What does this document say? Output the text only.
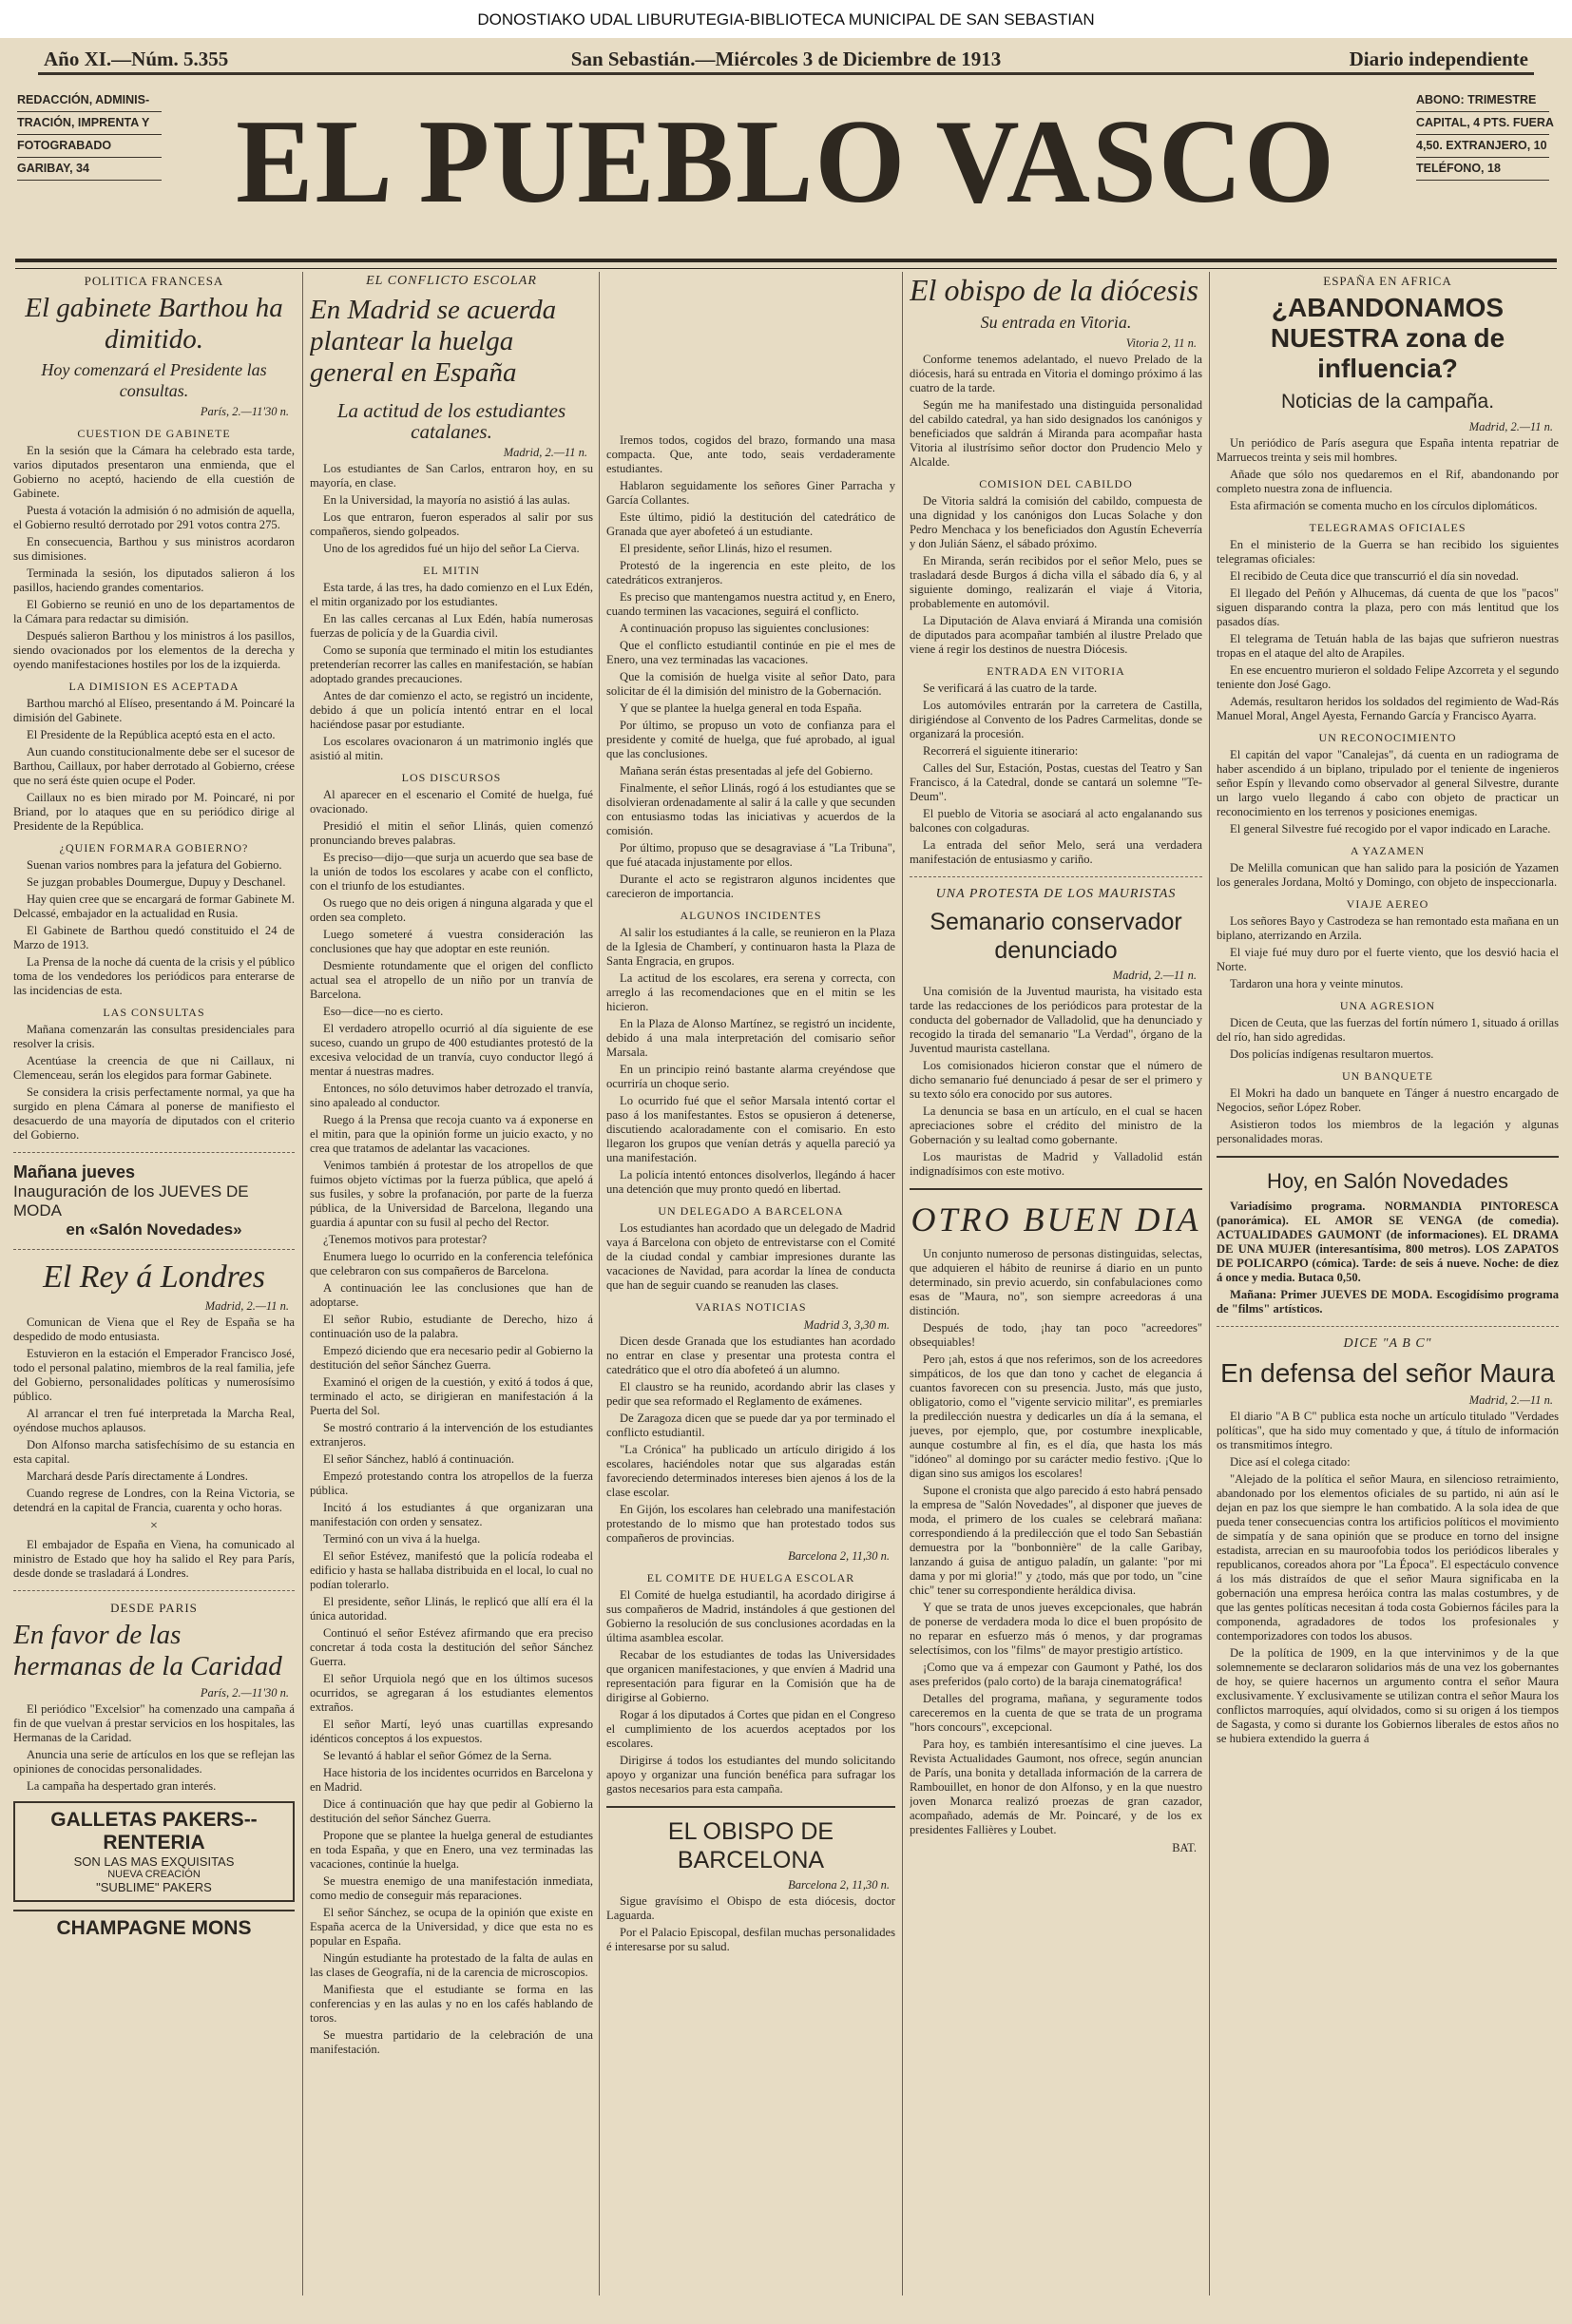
DONOSTIAKO UDAL LIBURUTEGIA-BIBLIOTECA MUNICIPAL DE SAN SEBASTIAN
Año XI.—Núm. 5.355	San Sebastián.—Miércoles 3 de Diciembre de 1913	Diario independiente
REDACCIÓN, ADMINIS-
TRACIÓN, IMPRENTA Y
FOTOGRABADO
GARIBAY, 34	EL PUEBLO VASCO	ABONO: TRIMESTRE
CAPITAL, 4 PTS. FUERA
4,50. EXTRANJERO, 10
TELÉFONO, 18
POLITICA FRANCESA
El gabinete Barthou ha dimitido.
Hoy comenzará el Presidente las consultas.
París, 2.—11'30 n.
CUESTION DE GABINETE

En la sesión que la Cámara ha celebrado esta tarde, varios diputados presentaron una enmienda, que el Gobierno no aceptó, haciendo de ella cuestión de Gabinete.

Puesta á votación la admisión ó no admisión de aquella, el Gobierno resultó derrotado por 291 votos contra 275.

En consecuencia, Barthou y sus ministros acordaron sus dimisiones.

Terminada la sesión, los diputados salieron á los pasillos, haciendo grandes comentarios.

El Gobierno se reunió en uno de los departamentos de la Cámara para redactar su dimisión.

Después salieron Barthou y los ministros á los pasillos, siendo ovacionados por los elementos de la derecha y oyendo manifestaciones hostiles por los de la izquierda.

LA DIMISION ES ACEPTADA

Barthou marchó al Elíseo, presentando á M. Poincaré la dimisión del Gabinete.

El Presidente de la República aceptó esta en el acto.

Aun cuando constitucionalmente debe ser el sucesor de Barthou, Caillaux, por haber derrotado al Gobierno, créese que no será éste quien ocupe el Poder.

Caillaux no es bien mirado por M. Poincaré, ni por Briand, por lo ataques que en su periódico dirige al Presidente de la República.

¿QUIEN FORMARA GOBIERNO?

Suenan varios nombres para la jefatura del Gobierno.

Se juzgan probables Doumergue, Dupuy y Deschanel.

Hay quien cree que se encargará de formar Gabinete M. Delcassé, embajador en la actualidad en Rusia.

El Gabinete de Barthou quedó constituido el 24 de Marzo de 1913.

La Prensa de la noche dá cuenta de la crisis y el público toma de los vendedores los periódicos para enterarse de las incidencias de esta.

LAS CONSULTAS

Mañana comenzarán las consultas presidenciales para resolver la crisis.

Acentúase la creencia de que ni Caillaux, ni Clemenceau, serán los elegidos para formar Gabinete.

Se considera la crisis perfectamente normal, ya que ha surgido en plena Cámara al ponerse de manifiesto el desacuerdo de una mayoría de diputados con el criterio del Gobierno.

Mañana jueves
Inauguración de los JUEVES DE MODA
en «Salón Novedades»
El Rey á Londres
Madrid, 2.—11 n.

Comunican de Viena que el Rey de España se ha despedido de modo entusiasta.

Estuvieron en la estación el Emperador Francisco José, todo el personal palatino, miembros de la real familia, jefe del Gobierno, personalidades políticas y numerosísimo público.

Al arrancar el tren fué interpretada la Marcha Real, oyéndose muchos aplausos.

Don Alfonso marcha satisfechísimo de su estancia en esta capital.

Marchará desde París directamente á Londres.

Cuando regrese de Londres, con la Reina Victoria, se detendrá en la capital de Francia, cuarenta y ocho horas.

×

El embajador de España en Viena, ha comunicado al ministro de Estado que hoy ha salido el Rey para París, desde donde se trasladará á Londres.

DESDE PARIS
En favor de las hermanas de la Caridad
París, 2.—11'30 n.

El periódico "Excelsior" ha comenzado una campaña á fin de que vuelvan á prestar servicios en los hospitales, las Hermanas de la Caridad.

Anuncia una serie de artículos en los que se reflejan las opiniones de conocidas personalidades.

La campaña ha despertado gran interés.

GALLETAS PAKERS-- RENTERIA
SON LAS MAS EXQUISITAS
NUEVA CREACIÓN
"SUBLIME" PAKERS
CHAMPAGNE MONS
EL CONFLICTO ESCOLAR
En Madrid se acuerda plantear la huelga general en España
La actitud de los estudiantes catalanes.
Madrid, 2.—11 n.

Los estudiantes de San Carlos, entraron hoy, en su mayoría, en clase.

En la Universidad, la mayoría no asistió á las aulas.

Los que entraron, fueron esperados al salir por sus compañeros, siendo golpeados.

Uno de los agredidos fué un hijo del señor La Cierva.

EL MITIN

Esta tarde, á las tres, ha dado comienzo en el Lux Edén, el mitin organizado por los estudiantes.

En las calles cercanas al Lux Edén, había numerosas fuerzas de policía y de la Guardia civil.

Como se suponía que terminado el mitin los estudiantes pretenderían recorrer las calles en manifestación, se habían adoptado grandes precauciones.

Antes de dar comienzo el acto, se registró un incidente, debido á que un policía intentó entrar en el local haciéndose pasar por estudiante.

Los escolares ovacionaron á un matrimonio inglés que asistió al mitin.

LOS DISCURSOS

Al aparecer en el escenario el Comité de huelga, fué ovacionado.

Presidió el mitin el señor Llinás, quien comenzó pronunciando breves palabras.

Es preciso—dijo—que surja un acuerdo que sea base de la unión de todos los escolares y acabe con el conflicto, con el triunfo de los estudiantes.

Os ruego que no deis origen á ninguna algarada y que el orden sea completo.

Luego someteré á vuestra consideración las conclusiones que hay que adoptar en este reunión.

Desmiente rotundamente que el origen del conflicto actual sea el atropello de un niño por un tranvía de Barcelona.

Eso—dice—no es cierto.

El verdadero atropello ocurrió al día siguiente de ese suceso, cuando un grupo de 400 estudiantes protestó de la excesiva velocidad de un tranvía, cuyo conductor llegó á mentar á nuestras madres.

Entonces, no sólo detuvimos haber detrozado el tranvía, sino apaleado al conductor.

Ruego á la Prensa que recoja cuanto va á exponerse en el mitin, para que la opinión forme un juicio exacto, y no crea que tratamos de adelantar las vacaciones.

Venimos también á protestar de los atropellos de que fuimos objeto víctimas por la fuerza pública, que apeló á sus fusiles, y sobre la profanación, por parte de la fuerza pública, de la Universidad de Barcelona, llegando una guardia á apuntar con su fusil al pecho del Rector.

¿Tenemos motivos para protestar?

Enumera luego lo ocurrido en la conferencia telefónica que celebraron con sus compañeros de Barcelona.

A continuación lee las conclusiones que han de adoptarse.

El señor Rubio, estudiante de Derecho, hizo á continuación uso de la palabra.

Empezó diciendo que era necesario pedir al Gobierno la destitución del señor Sánchez Guerra.

Examinó el origen de la cuestión, y exitó á todos á que, terminado el acto, se dirigieran en manifestación á la Puerta del Sol.

Se mostró contrario á la intervención de los estudiantes extranjeros.

El señor Sánchez, habló á continuación.

Empezó protestando contra los atropellos de la fuerza pública.

Incitó á los estudiantes á que organizaran una manifestación con orden y sensatez.

Terminó con un viva á la huelga.

El señor Estévez, manifestó que la policía rodeaba el edificio y hasta se hallaba distribuida en el local, lo cual no podían tolerarlo.

El presidente, señor Llinás, le replicó que allí era él la única autoridad.

Continuó el señor Estévez afirmando que era preciso concretar á toda costa la destitución del señor Sánchez Guerra.

El señor Urquiola negó que en los últimos sucesos ocurridos, se agregaran á los estudiantes elementos extraños.

El señor Martí, leyó unas cuartillas expresando idénticos conceptos á los expuestos.

Se levantó á hablar el señor Gómez de la Serna.

Hace historia de los incidentes ocurridos en Barcelona y en Madrid.

Dice á continuación que hay que pedir al Gobierno la destitución del señor Sánchez Guerra.

Propone que se plantee la huelga general de estudiantes en toda España, y que en Enero, una vez terminadas las vacaciones, continúe la huelga.

Se muestra enemigo de una manifestación inmediata, como medio de conseguir más reparaciones.

El señor Sánchez, se ocupa de la opinión que existe en España acerca de la Universidad, y dice que esta no es popular en España.

Ningún estudiante ha protestado de la falta de aulas en las clases de Geografía, ni de la carencia de microscopios.

Manifiesta que el estudiante se forma en las conferencias y en las aulas y no en los cafés hablando de toros.

Se muestra partidario de la celebración de una manifestación.

Iremos todos, cogidos del brazo, formando una masa compacta. Que, ante todo, seais verdaderamente estudiantes.

Hablaron seguidamente los señores Giner Parracha y García Collantes.

Este último, pidió la destitución del catedrático de Granada que ayer abofeteó á un estudiante.

El presidente, señor Llinás, hizo el resumen.

Protestó de la ingerencia en este pleito, de los catedráticos extranjeros.

Es preciso que mantengamos nuestra actitud y, en Enero, cuando terminen las vacaciones, seguirá el conflicto.

A continuación propuso las siguientes conclusiones:

Que el conflicto estudiantil continúe en pie el mes de Enero, una vez terminadas las vacaciones.

Que la comisión de huelga visite al señor Dato, para solicitar de él la dimisión del ministro de la Gobernación.

Y que se plantee la huelga general en toda España.

Por último, se propuso un voto de confianza para el presidente y comité de huelga, que fué aprobado, al igual que las conclusiones.

Mañana serán éstas presentadas al jefe del Gobierno.

Finalmente, el señor Llinás, rogó á los estudiantes que se disolvieran ordenadamente al salir á la calle y que secunden con entusiasmo todas las iniciativas y acuerdos de la comisión.

Por último, propuso que se desagraviase á "La Tribuna", que fué atacada injustamente por ellos.

Durante el acto se registraron algunos incidentes que carecieron de importancia.

ALGUNOS INCIDENTES

Al salir los estudiantes á la calle, se reunieron en la Plaza de la Iglesia de Chamberí, y continuaron hasta la Plaza de Santa Engracia, en grupos.

La actitud de los escolares, era serena y correcta, con arreglo á las recomendaciones que en el mitin se les hicieron.

En la Plaza de Alonso Martínez, se registró un incidente, debido á una mala interpretación del comisario señor Marsala.

En un principio reinó bastante alarma creyéndose que ocurriría un choque serio.

Lo ocurrido fué que el señor Marsala intentó cortar el paso á los manifestantes. Estos se opusieron á detenerse, discutiendo acaloradamente con el comisario. En esto llegaron los grupos que venían detrás y aquella pareció ya una manifestación.

La policía intentó entonces disolverlos, llegándo á hacer una detención que muy pronto quedó en libertad.

UN DELEGADO A BARCELONA

Los estudiantes han acordado que un delegado de Madrid vaya á Barcelona con objeto de entrevistarse con el Comité de la ciudad condal y cambiar impresiones durante las vacaciones de Navidad, para acordar la línea de conducta que han de seguir cuando se reanuden las clases.

VARIAS NOTICIAS
Madrid 3, 3,30 m.

Dicen desde Granada que los estudiantes han acordado no entrar en clase y presentar una protesta contra el catedrático que el otro día abofeteó á un alumno.

El claustro se ha reunido, acordando abrir las clases y pedir que sea reformado el Reglamento de exámenes.

De Zaragoza dicen que se puede dar ya por terminado el conflicto estudiantil.

"La Crónica" ha publicado un artículo dirigido á los escolares, haciéndoles notar que sus algaradas están favoreciendo determinados intereses bien ajenos á los de la clase escolar.

En Gijón, los escolares han celebrado una manifestación protestando de lo mismo que han protestado todos sus compañeros de provincias.

Barcelona 2, 11,30 n.
EL COMITE DE HUELGA ESCOLAR

El Comité de huelga estudiantil, ha acordado dirigirse á sus compañeros de Madrid, instándoles á que gestionen del Gobierno la resolución de sus conclusiones acordadas en la última asamblea escolar.

Recabar de los estudiantes de todas las Universidades que organicen manifestaciones, y que envíen á Madrid una representación para figurar en la Comisión que ha de dirigirse al Gobierno.

Rogar á los diputados á Cortes que pidan en el Congreso el cumplimiento de los acuerdos aceptados por los escolares.

Dirigirse á todos los estudiantes del mundo solicitando apoyo y organizar una función benéfica para sufragar los gastos necesarios para esta campaña.

EL OBISPO DE BARCELONA
Barcelona 2, 11,30 n.

Sigue gravísimo el Obispo de esta diócesis, doctor Laguarda.

Por el Palacio Episcopal, desfilan muchas personalidades é interesarse por su salud.

El obispo de la diócesis
Su entrada en Vitoria.
Vitoria 2, 11 n.

Conforme tenemos adelantado, el nuevo Prelado de la diócesis, hará su entrada en Vitoria el domingo próximo á las cuatro de la tarde.

Según me ha manifestado una distinguida personalidad del cabildo catedral, ya han sido designados los canónigos y beneficiados que saldrán á Miranda para acompañar hasta Vitoria al ilustrísimo señor doctor don Prudencio Melo y Alcalde.

COMISION DEL CABILDO

De Vitoria saldrá la comisión del cabildo, compuesta de una dignidad y los canónigos don Lucas Solache y don Pedro Menchaca y los beneficiados don Agustín Echeverría y don Julián Sáenz, el sábado próximo.

En Miranda, serán recibidos por el señor Melo, pues se trasladará desde Burgos á dicha villa el sábado día 6, y al siguiente domingo, realizarán el viaje á Vitoria, probablemente en automóvil.

La Diputación de Alava enviará á Miranda una comisión de diputados para acompañar también al ilustre Prelado que viene á regir los destinos de nuestra Diócesis.

ENTRADA EN VITORIA

Se verificará á las cuatro de la tarde.

Los automóviles entrarán por la carretera de Castilla, dirigiéndose al Convento de los Padres Carmelitas, donde se organizará la procesión.

Recorrerá el siguiente itinerario:

Calles del Sur, Estación, Postas, cuestas del Teatro y San Francisco, á la Catedral, donde se cantará un solemne "Te-Deum".

El pueblo de Vitoria se asociará al acto engalanando sus balcones con colgaduras.

La entrada del señor Melo, será una verdadera manifestación de entusiasmo y cariño.

UNA PROTESTA DE LOS MAURISTAS
Semanario conservador denunciado
Madrid, 2.—11 n.

Una comisión de la Juventud maurista, ha visitado esta tarde las redacciones de los periódicos para protestar de la conducta del gobernador de Valladolid, que ha denunciado y recogido la tirada del semanario "La Verdad", órgano de la Juventud maurista castellana.

Los comisionados hicieron constar que el número de dicho semanario fué denunciado á pesar de ser el primero y su texto sólo era conocido por sus autores.

La denuncia se basa en un artículo, en el cual se hacen apreciaciones sobre el crédito del ministro de la Gobernación y su lealtad como gobernante.

Los mauristas de Madrid y Valladolid están indignadísimos con este motivo.

OTRO BUEN DIA

Un conjunto numeroso de personas distinguidas, selectas, que adquieren el hábito de reunirse á diario en un punto determinado, sin previo acuerdo, sin confabulaciones como esas de "Maura, no", son siempre acreedoras á una distinción.

Después de todo, ¡hay tan poco "acreedores" obsequiables!

Pero ¡ah, estos á que nos referimos, son de los acreedores simpáticos, de los que dan tono y cachet de elegancia á cuantos favorecen con su presencia. Justo, más que justo, obligatorio, como el "vigente servicio militar", es premiarles la predilección nuestra y dedicarles un día á la semana, el jueves, por ejemplo, que, por costumbre inexplicable, aunque costumbre al fin, es el día, que hasta los más "idóneo" al domingo por su carácter medio festivo. ¡Que lo digan sino sus amigos los escolares!

Supone el cronista que algo parecido á esto habrá pensado la empresa de "Salón Novedades", al disponer que jueves de moda, el primero de los cuales se celebrará mañana: correspondiendo á la predilección que el todo San Sebastián demuestra por la "bonbonnière" de la calle Garibay, lanzando á guisa de antiguo paladín, un galante: "por mi dama y por mi gloria!" y ¿todo, más que por todo, un "cine chic" tener su correspondiente heráldica divisa.

Y que se trata de unos jueves excepcionales, que habrán de ponerse de verdadera moda lo dice el buen propósito de no reparar en esfuerzo más ó menos, y dar programas selectísimos, con los "films" de mayor prestigio artístico.

¡Como que va á empezar con Gaumont y Pathé, los dos ases preferidos (palo corto) de la baraja cinematográfica!

Detalles del programa, mañana, y seguramente todos careceremos en la cuenta de que se trata de un programa "hors concours", excepcional.

Para hoy, es también interesantísimo el cine jueves. La Revista Actualidades Gaumont, nos ofrece, según anuncian de París, una bonita y detallada información de la carrera de Rambouillet, en honor de don Alfonso, y en la que nuestro joven Monarca realizó proezas de gran cazador, acompañado, además de Mr. Poincaré, y de los ex presidentes Fallières y Loubet.

BAT.
ESPAÑA EN AFRICA
¿ABANDONAMOS NUESTRA zona de influencia?
Noticias de la campaña.
Madrid, 2.—11 n.

Un periódico de París asegura que España intenta repatriar de Marruecos treinta y seis mil hombres.

Añade que sólo nos quedaremos en el Rif, abandonando por completo nuestra zona de influencia.

Esta afirmación se comenta mucho en los círculos diplomáticos.

TELEGRAMAS OFICIALES

En el ministerio de la Guerra se han recibido los siguientes telegramas oficiales:

El recibido de Ceuta dice que transcurrió el día sin novedad.

El llegado del Peñón y Alhucemas, dá cuenta de que los "pacos" siguen disparando contra la plaza, pero con más lentitud que los pasados días.

El telegrama de Tetuán habla de las bajas que sufrieron nuestras tropas en el ataque del alto de Arapiles.

En ese encuentro murieron el soldado Felipe Azcorreta y el segundo teniente don José Gago.

Además, resultaron heridos los soldados del regimiento de Wad-Rás Manuel Moral, Angel Ayesta, Fernando García y Francisco Ayarra.

UN RECONOCIMIENTO

El capitán del vapor "Canalejas", dá cuenta en un radiograma de haber ascendido á un biplano, tripulado por el teniente de ingenieros señor Espín y llevando como observador al general Silvestre, durante un largo vuelo llegando á cabo con objeto de practicar un reconocimiento en los terrenos y posiciones enemigas.

El general Silvestre fué recogido por el vapor indicado en Larache.

A YAZAMEN

De Melilla comunican que han salido para la posición de Yazamen los generales Jordana, Moltó y Domingo, con objeto de inspeccionarla.

VIAJE AEREO

Los señores Bayo y Castrodeza se han remontado esta mañana en un biplano, aterrizando en Arzila.

El viaje fué muy duro por el fuerte viento, que los desvió hacia el Norte.

Tardaron una hora y veinte minutos.

UNA AGRESION

Dicen de Ceuta, que las fuerzas del fortín número 1, situado á orillas del río, han sido agredidas.

Dos policías indígenas resultaron muertos.

UN BANQUETE

El Mokri ha dado un banquete en Tánger á nuestro encargado de Negocios, señor López Rober.

Asistieron todos los miembros de la legación y algunas personalidades moras.

Hoy, en Salón Novedades

Variadísimo programa. NORMANDIA PINTORESCA (panorámica). EL AMOR SE VENGA (de comedia). ACTUALIDADES GAUMONT (de informaciones). EL DRAMA DE UNA MUJER (interesantísima, 800 metros). LOS ZAPATOS DE POLICARPO (cómica). Tarde: de seis á nueve. Noche: de diez á once y media. Butaca 0,50.

Mañana: Primer JUEVES DE MODA. Escogidísimo programa de "films" artísticos.

DICE "A B C"
En defensa del señor Maura
Madrid, 2.—11 n.

El diario "A B C" publica esta noche un artículo titulado "Verdades políticas", que ha sido muy comentado y que, á título de información os transmitimos íntegro.

Dice así el colega citado:

"Alejado de la política el señor Maura, en silencioso retraimiento, abandonado por los elementos oficiales de su partido, ni aún así le dejan en paz los que siempre le han combatido. A la sola idea de que pueda tener consecuencias contra los artificios políticos el movimiento de simpatía y de sana opinión que se produce en torno del insigne estadista, arrecian en su mauroofobia todos los periódicos liberales y republicanos, coreados ahora por "La Época". El espectáculo convence á los más distraídos de que el señor Maura significaba en la gobernación una empresa heróica contra las malas costumbres, y de que las gentes políticas necesitan á toda costa Gobiernos fáciles para la componenda, agradadores de todos los profesionales y contemporizadores con todos los abusos.

De la política de 1909, en la que intervinimos y de la que solemnemente se declararon solidarios más de una vez los gobernantes de hoy, se quiere hacernos un argumento contra el señor Maura exclusivamente. Y exclusivamente se utilizan contra el señor Maura los conflictos marroquíes, aquí olvidados, como si su origen á los tiempos de Sagasta, y como si durante los Gobiernos liberales de estos años no se hubiera extendido la guerra á
